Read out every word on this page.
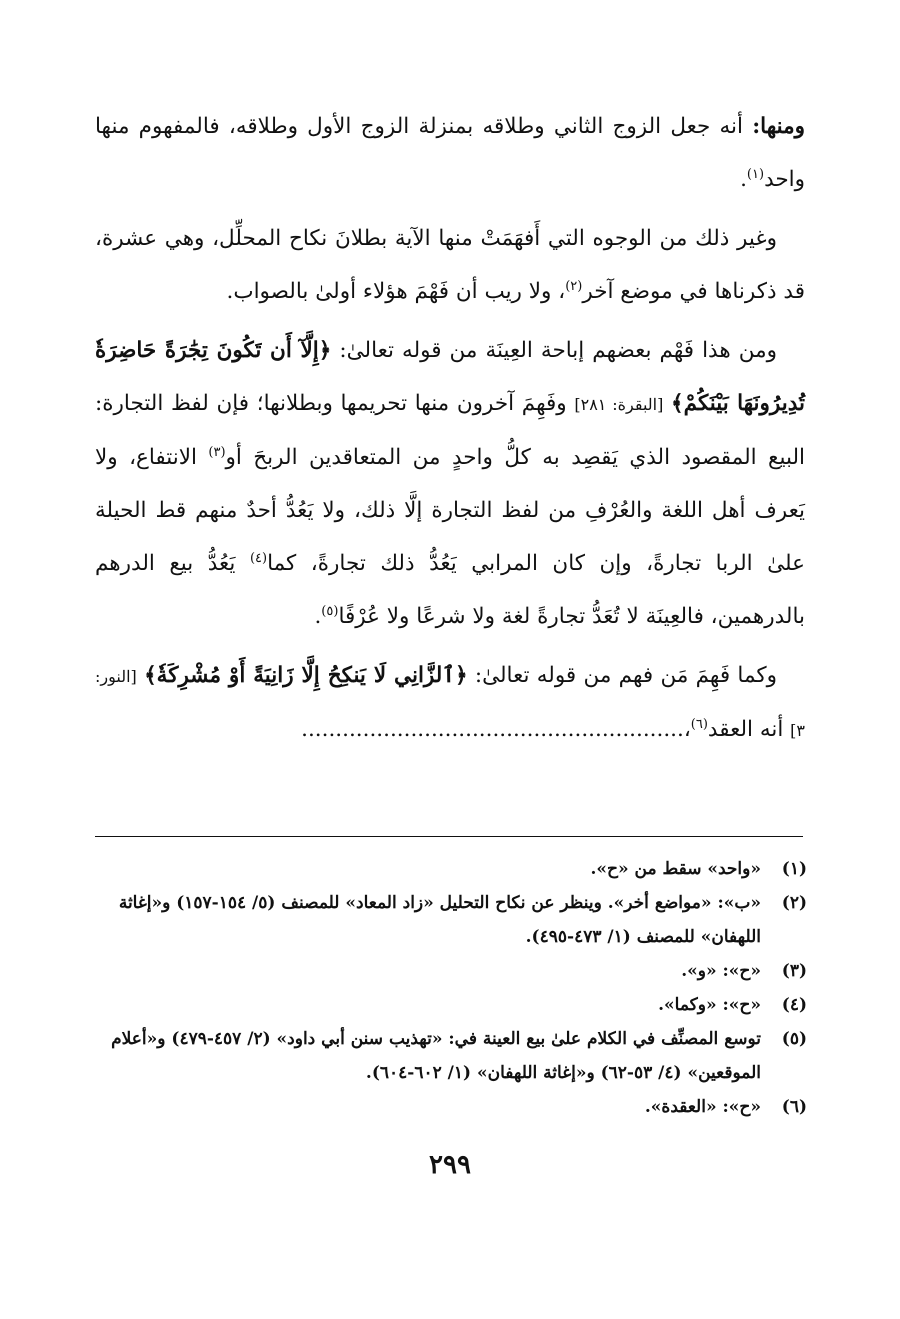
ومنها: أنه جعل الزوج الثاني وطلاقه بمنزلة الزوج الأول وطلاقه، فالمفهوم منها واحد$^{(١)}$.

وغير ذلك من الوجوه التي أَفهَمَتْ منها الآية بطلانَ نكاح المحلِّل، وهي عشرة، قد ذكرناها في موضع آخر$^{(٢)}$، ولا ريب أن فَهْمَ هؤلاء أولىٰ بالصواب.

ومن هذا فَهْم بعضهم إباحة العِينَة من قوله تعالىٰ: ﴿إِلَّآ أَن تَكُونَ تِجَٰرَةً حَاضِرَةٗ تُدِيرُونَهَا بَيْنَكُمْ﴾ [البقرة: ٢٨١] وفَهِمَ آخرون منها تحريمها وبطلانها؛ فإن لفظ التجارة: البيع المقصود الذي يَقصِد به كلُّ واحدٍ من المتعاقدين الربحَ أو$^{(٣)}$ الانتفاع، ولا يَعرف أهل اللغة والعُرْفِ من لفظ التجارة إلَّا ذلك، ولا يَعُدُّ أحدٌ منهم قط الحيلة علىٰ الربا تجارةً، وإن كان المرابي يَعُدُّ ذلك تجارةً، كما$^{(٤)}$ يَعُدُّ بيع الدرهم بالدرهمين، فالعِينَة لا تُعَدُّ تجارةً لغة ولا شرعًا ولا عُرْفًا$^{(٥)}$.

وكما فَهِمَ مَن فهم من قوله تعالىٰ: ﴿ٱلزَّانِي لَا يَنكِحُ إِلَّا زَانِيَةً أَوْ مُشْرِكَةٗ﴾ [النور: ٣] أنه العقد$^{(٦)}$،........................................................

(١)
«واحد» سقط من «ح».
(٢)
«ب»: «مواضع أخر». وينظر عن نكاح التحليل «زاد المعاد» للمصنف (٥/ ١٥٤-١٥٧) و«إغاثة اللهفان» للمصنف (١/ ٤٧٣-٤٩٥).
(٣)
«ح»: «و».
(٤)
«ح»: «وكما».
(٥)
توسع المصنِّف في الكلام علىٰ بيع العينة في: «تهذيب سنن أبي داود» (٢/ ٤٥٧-٤٧٩) و«أعلام الموقعين» (٤/ ٥٣-٦٢) و«إغاثة اللهفان» (١/ ٦٠٢-٦٠٤).
(٦)
«ح»: «العقدة».
٢٩٩
